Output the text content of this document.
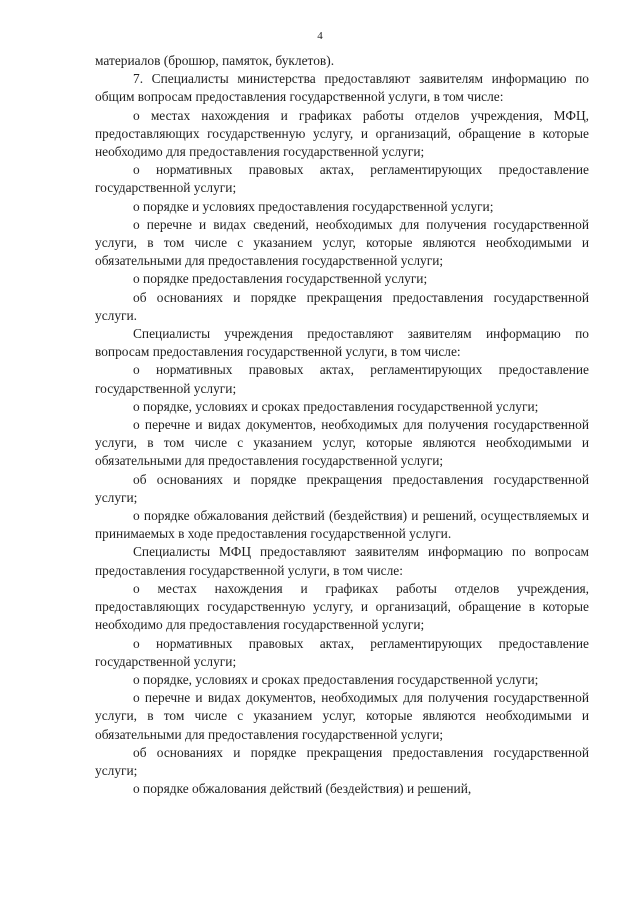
4

материалов (брошюр, памяток, буклетов).

7. Специалисты министерства предоставляют заявителям информацию по общим вопросам предоставления государственной услуги, в том числе:

о местах нахождения и графиках работы отделов учреждения, МФЦ, предоставляющих государственную услугу, и организаций, обращение в которые необходимо для предоставления государственной услуги;

о нормативных правовых актах, регламентирующих предоставление государственной услуги;

о порядке и условиях предоставления государственной услуги;

о перечне и видах сведений, необходимых для получения государственной услуги, в том числе с указанием услуг, которые являются необходимыми и обязательными для предоставления государственной услуги;

о порядке предоставления государственной услуги;

об основаниях и порядке прекращения предоставления государственной услуги.

Специалисты учреждения предоставляют заявителям информацию по вопросам предоставления государственной услуги, в том числе:

о нормативных правовых актах, регламентирующих предоставление государственной услуги;

о порядке, условиях и сроках предоставления государственной услуги;

о перечне и видах документов, необходимых для получения государственной услуги, в том числе с указанием услуг, которые являются необходимыми и обязательными для предоставления государственной услуги;

об основаниях и порядке прекращения предоставления государственной услуги;

о порядке обжалования действий (бездействия) и решений, осуществляемых и принимаемых в ходе предоставления государственной услуги.

Специалисты МФЦ предоставляют заявителям информацию по вопросам предоставления государственной услуги, в том числе:

о местах нахождения и графиках работы отделов учреждения, предоставляющих государственную услугу, и организаций, обращение в которые необходимо для предоставления государственной услуги;

о нормативных правовых актах, регламентирующих предоставление государственной услуги;

о порядке, условиях и сроках предоставления государственной услуги;

о перечне и видах документов, необходимых для получения государственной услуги, в том числе с указанием услуг, которые являются необходимыми и обязательными для предоставления государственной услуги;

об основаниях и порядке прекращения предоставления государственной услуги;

о порядке обжалования действий (бездействия) и решений,
